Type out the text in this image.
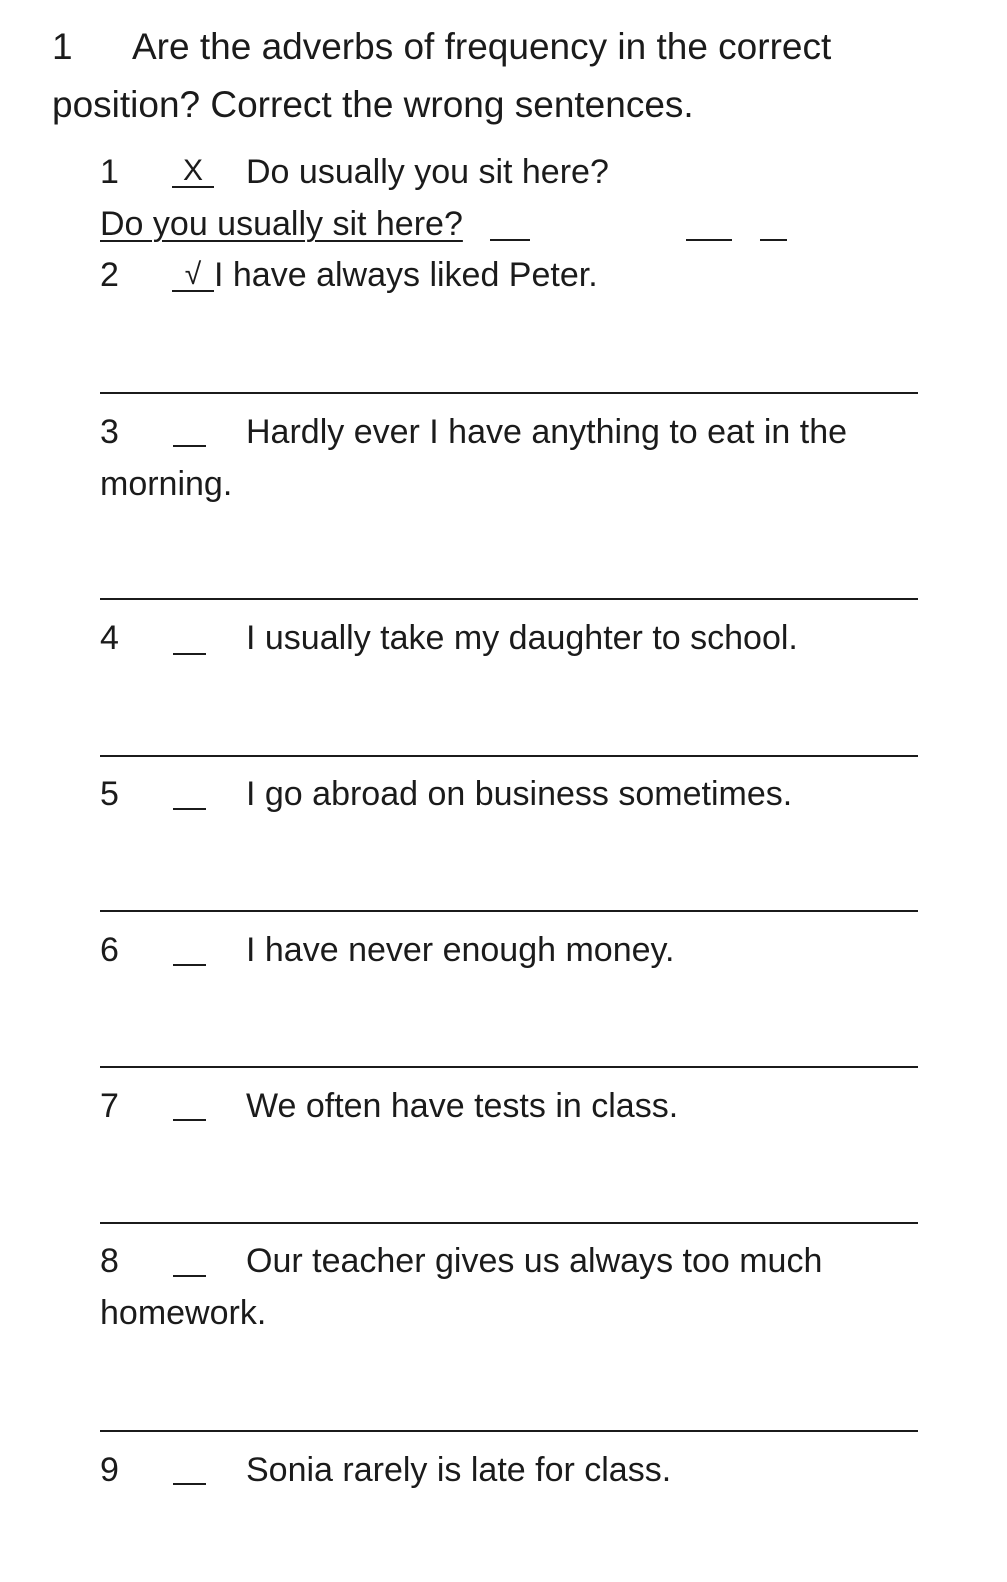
1 Are the adverbs of frequency in the correct position? Correct the wrong sentences.
1	X	Do usually you sit here?
Do you usually sit here?
2	√ I have always liked Peter.
3	Hardly ever I have anything to eat in the
morning.
4	I usually take my daughter to school.
5	I go abroad on business sometimes.
6	I have never enough money.
7	We often have tests in class.
8	Our teacher gives us always too much
homework.
9	Sonia rarely is late for class.
